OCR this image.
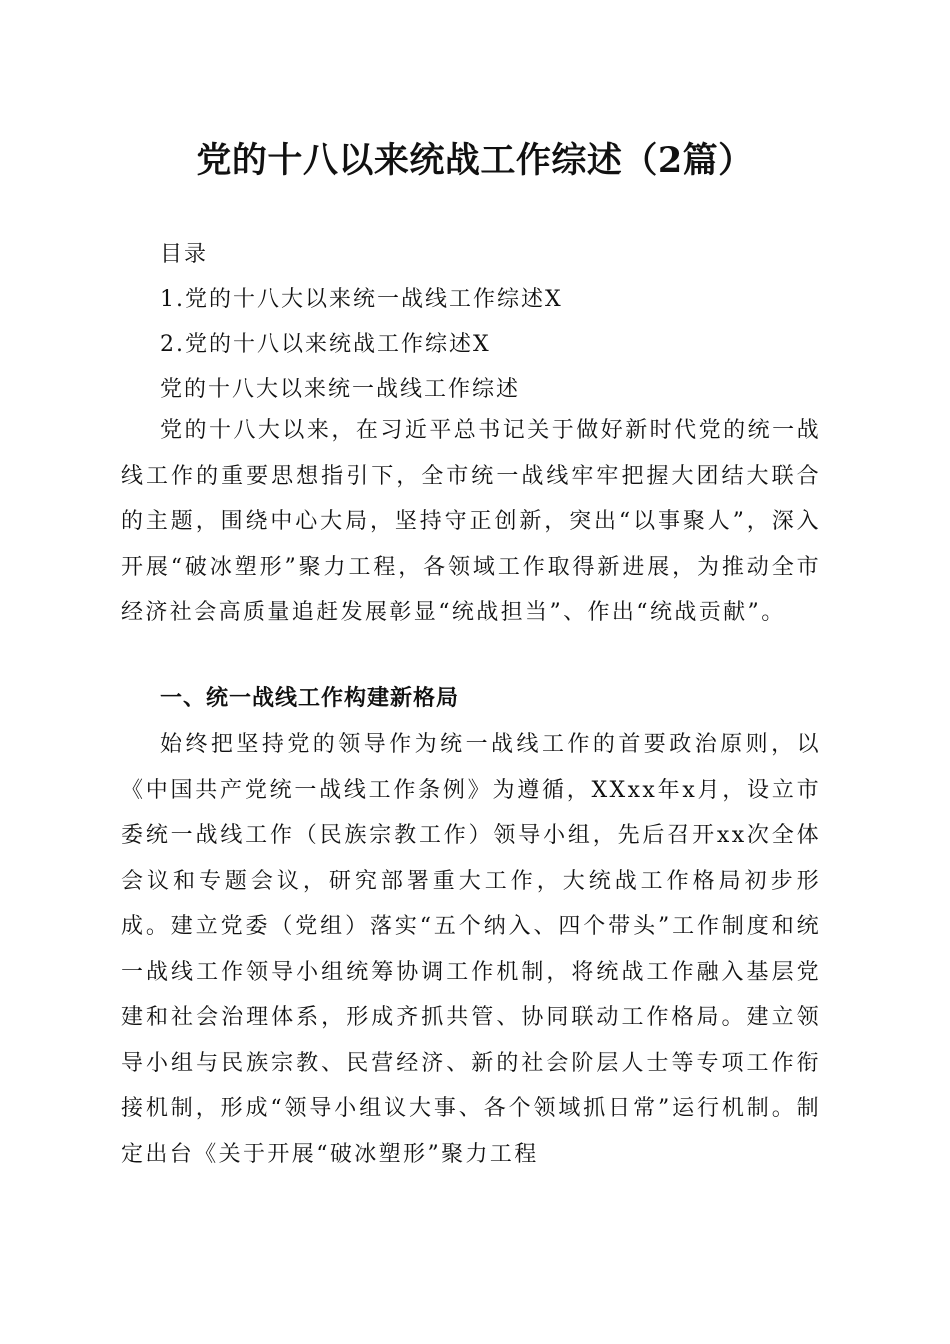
党的十八以来统战工作综述（2篇）
目录
1.党的十八大以来统一战线工作综述X
2.党的十八以来统战工作综述X
党的十八大以来统一战线工作综述

党的十八大以来，在习近平总书记关于做好新时代党的统一战线工作的重要思想指引下，全市统一战线牢牢把握大团结大联合的主题，围绕中心大局，坚持守正创新，突出“以事聚人”，深入开展“破冰塑形”聚力工程，各领域工作取得新进展，为推动全市经济社会高质量追赶发展彰显“统战担当”、作出“统战贡献”。

一、统一战线工作构建新格局

始终把坚持党的领导作为统一战线工作的首要政治原则，以《中国共产党统一战线工作条例》为遵循，XXxx年x月，设立市委统一战线工作（民族宗教工作）领导小组，先后召开xx次全体会议和专题会议，研究部署重大工作，大统战工作格局初步形成。建立党委（党组）落实“五个纳入、四个带头”工作制度和统一战线工作领导小组统筹协调工作机制，将统战工作融入基层党建和社会治理体系，形成齐抓共管、协同联动工作格局。建立领导小组与民族宗教、民营经济、新的社会阶层人士等专项工作衔接机制，形成“领导小组议大事、各个领域抓日常”运行机制。制定出台《关于开展“破冰塑形”聚力工程
